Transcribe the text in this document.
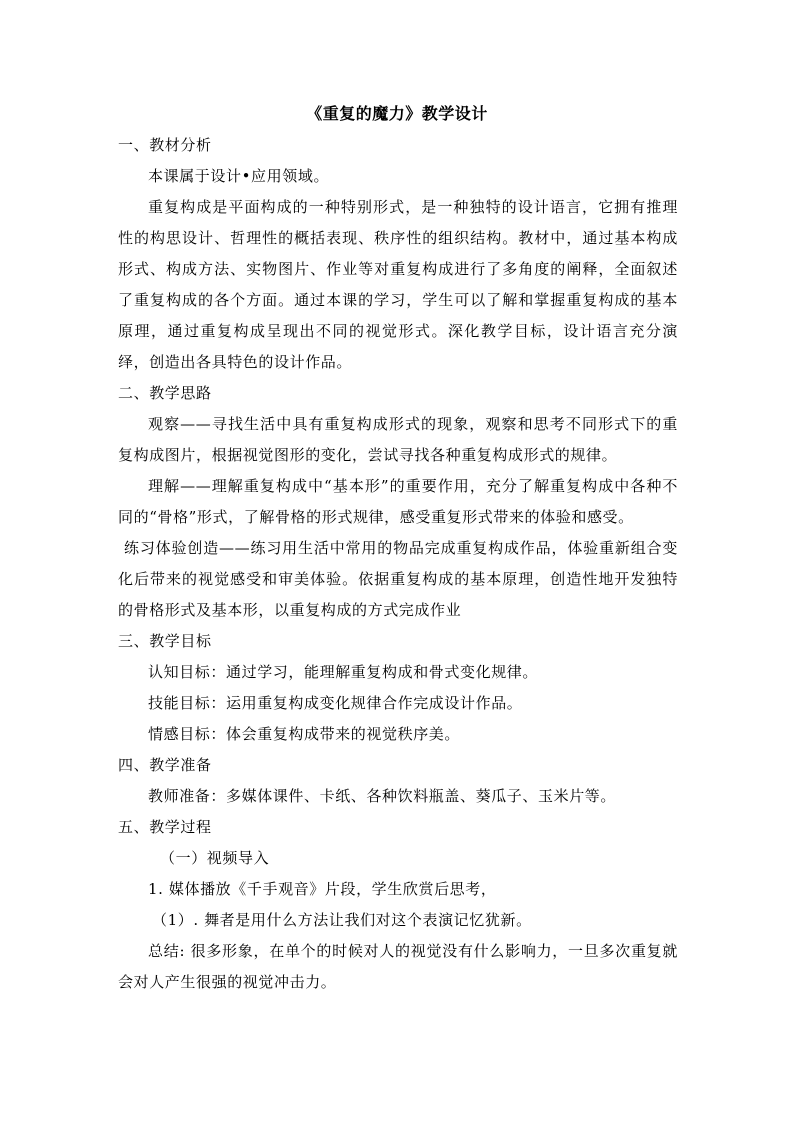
《重复的魔力》教学设计
一、教材分析
本课属于设计•应用领域。
重复构成是平面构成的一种特别形式，是一种独特的设计语言，它拥有推理性的构思设计、哲理性的概括表现、秩序性的组织结构。教材中，通过基本构成形式、构成方法、实物图片、作业等对重复构成进行了多角度的阐释，全面叙述了重复构成的各个方面。通过本课的学习，学生可以了解和掌握重复构成的基本原理，通过重复构成呈现出不同的视觉形式。深化教学目标，设计语言充分演绎，创造出各具特色的设计作品。
二、教学思路
观察——寻找生活中具有重复构成形式的现象，观察和思考不同形式下的重复构成图片，根据视觉图形的变化，尝试寻找各种重复构成形式的规律。
理解——理解重复构成中“基本形”的重要作用，充分了解重复构成中各种不同的“骨格”形式，了解骨格的形式规律，感受重复形式带来的体验和感受。
练习体验创造——练习用生活中常用的物品完成重复构成作品，体验重新组合变化后带来的视觉感受和审美体验。依据重复构成的基本原理，创造性地开发独特的骨格形式及基本形，以重复构成的方式完成作业
三、教学目标
认知目标：通过学习，能理解重复构成和骨式变化规律。
技能目标：运用重复构成变化规律合作完成设计作品。
情感目标：体会重复构成带来的视觉秩序美。
四、教学准备
教师准备：多媒体课件、卡纸、各种饮料瓶盖、葵瓜子、玉米片等。
五、教学过程
（一）视频导入
1. 媒体播放《千手观音》片段，学生欣赏后思考，
（1）. 舞者是用什么方法让我们对这个表演记忆犹新。
总结: 很多形象，在单个的时候对人的视觉没有什么影响力，一旦多次重复就会对人产生很强的视觉冲击力。
